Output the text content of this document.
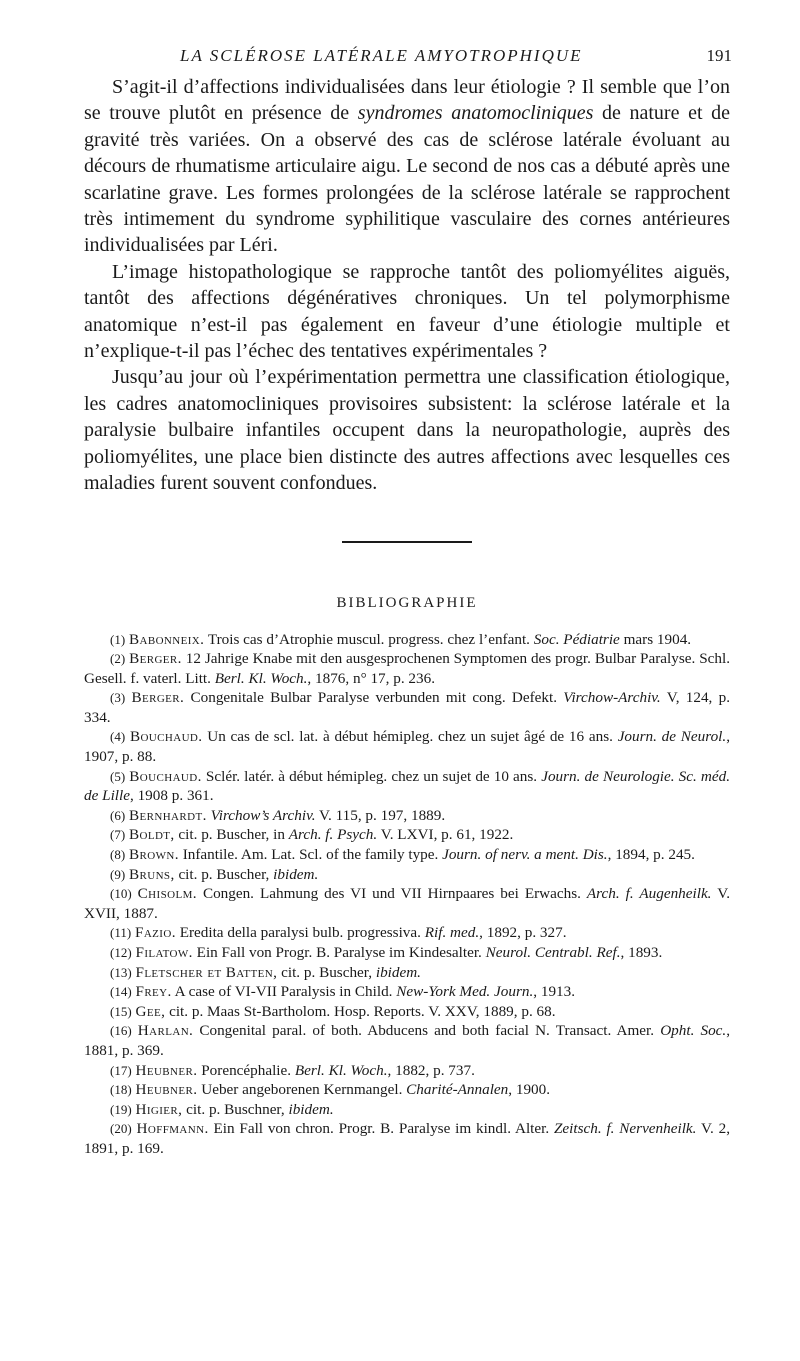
LA SCLÉROSE LATÉRALE AMYOTROPHIQUE	191

S’agit-il d’affections individualisées dans leur étiologie ? Il semble que l’on se trouve plutôt en présence de syndromes anatomocliniques de nature et de gravité très variées. On a observé des cas de sclérose latérale évoluant au décours de rhumatisme articulaire aigu. Le second de nos cas a débuté après une scarlatine grave. Les formes prolongées de la sclérose latérale se rapprochent très intimement du syndrome syphilitique vasculaire des cornes antérieures individualisées par Léri.

L’image histopathologique se rapproche tantôt des poliomyélites aiguës, tantôt des affections dégénératives chroniques. Un tel polymorphisme anatomique n’est-il pas également en faveur d’une étiologie multiple et n’explique-t-il pas l’échec des tentatives expérimentales ?

Jusqu’au jour où l’expérimentation permettra une classification étiologique, les cadres anatomocliniques provisoires subsistent: la sclérose latérale et la paralysie bulbaire infantiles occupent dans la neuropathologie, auprès des poliomyélites, une place bien distincte des autres affections avec lesquelles ces maladies furent souvent confondues.

BIBLIOGRAPHIE

(1) Babonneix. Trois cas d’Atrophie muscul. progress. chez l’enfant. Soc. Pédiatrie mars 1904.

(2) Berger. 12 Jahrige Knabe mit den ausgesprochenen Symptomen des progr. Bulbar Paralyse. Schl. Gesell. f. vaterl. Litt. Berl. Kl. Woch., 1876, n° 17, p. 236.

(3) Berger. Congenitale Bulbar Paralyse verbunden mit cong. Defekt. Virchow-Archiv. V, 124, p. 334.

(4) Bouchaud. Un cas de scl. lat. à début hémipleg. chez un sujet âgé de 16 ans. Journ. de Neurol., 1907, p. 88.

(5) Bouchaud. Sclér. latér. à début hémipleg. chez un sujet de 10 ans. Journ. de Neurologie. Sc. méd. de Lille, 1908 p. 361.

(6) Bernhardt. Virchow’s Archiv. V. 115, p. 197, 1889.

(7) Boldt, cit. p. Buscher, in Arch. f. Psych. V. LXVI, p. 61, 1922.

(8) Brown. Infantile. Am. Lat. Scl. of the family type. Journ. of nerv. a ment. Dis., 1894, p. 245.

(9) Bruns, cit. p. Buscher, ibidem.

(10) Chisolm. Congen. Lahmung des VI und VII Hirnpaares bei Erwachs. Arch. f. Augenheilk. V. XVII, 1887.

(11) Fazio. Eredita della paralysi bulb. progressiva. Rif. med., 1892, p. 327.

(12) Filatow. Ein Fall von Progr. B. Paralyse im Kindesalter. Neurol. Centrabl. Ref., 1893.

(13) Fletscher et Batten, cit. p. Buscher, ibidem.

(14) Frey. A case of VI-VII Paralysis in Child. New-York Med. Journ., 1913.

(15) Gee, cit. p. Maas St-Bartholom. Hosp. Reports. V. XXV, 1889, p. 68.

(16) Harlan. Congenital paral. of both. Abducens and both facial N. Transact. Amer. Opht. Soc., 1881, p. 369.

(17) Heubner. Porencéphalie. Berl. Kl. Woch., 1882, p. 737.

(18) Heubner. Ueber angeborenen Kernmangel. Charité-Annalen, 1900.

(19) Higier, cit. p. Buschner, ibidem.

(20) Hoffmann. Ein Fall von chron. Progr. B. Paralyse im kindl. Alter. Zeitsch. f. Nervenheilk. V. 2, 1891, p. 169.
